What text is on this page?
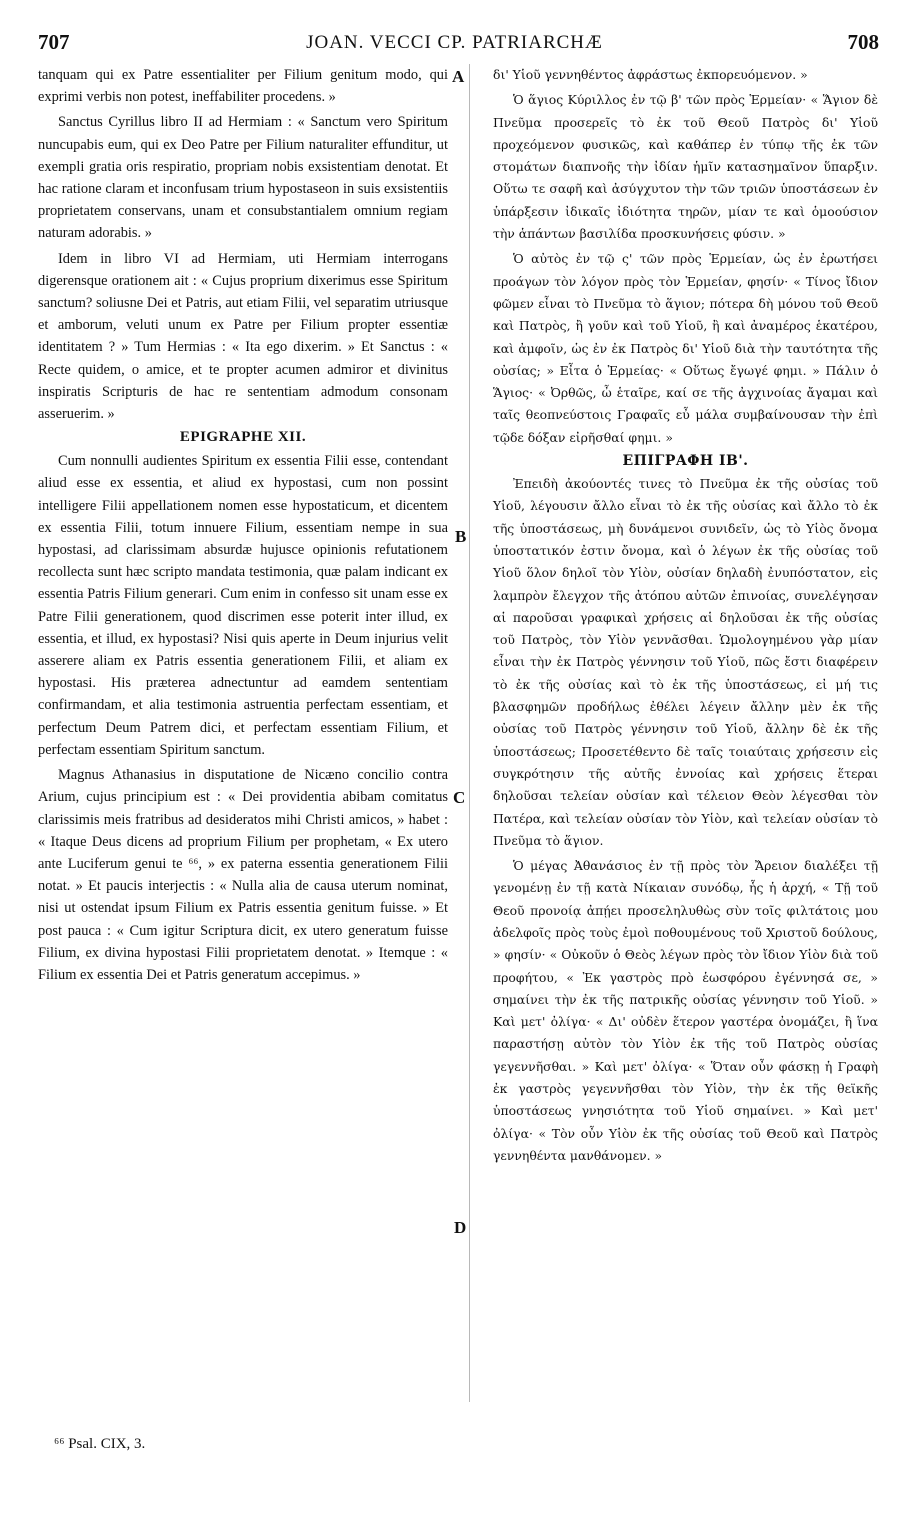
707	JOAN. VECCI CP. PATRIARCHÆ	708
A
B
C
D

tanquam qui ex Patre essentialiter per Filium genitum modo, qui exprimi verbis non potest, ineffabiliter procedens. »

Sanctus Cyrillus libro II ad Hermiam : « Sanctum vero Spiritum nuncupabis eum, qui ex Deo Patre per Filium naturaliter effunditur, ut exempli gratia oris respiratio, propriam nobis exsistentiam denotat. Et hac ratione claram et inconfusam trium hypostaseon in suis exsistentiis proprietatem conservans, unam et consubstantialem omnium regiam naturam adorabis. »

Idem in libro VI ad Hermiam, uti Hermiam interrogans digerensque orationem ait : « Cujus proprium dixerimus esse Spiritum sanctum? soliusne Dei et Patris, aut etiam Filii, vel separatim utriusque et amborum, veluti unum ex Patre per Filium propter essentiæ identitatem ? » Tum Hermias : « Ita ego dixerim. » Et Sanctus : « Recte quidem, o amice, et te propter acumen admiror et divinitus inspiratis Scripturis de hac re sententiam admodum consonam asseruerim. »

EPIGRAPHE XII.

Cum nonnulli audientes Spiritum ex essentia Filii esse, contendant aliud esse ex essentia, et aliud ex hypostasi, cum non possint intelligere Filii appellationem nomen esse hypostaticum, et dicentem ex essentia Filii, totum innuere Filium, essentiam nempe in sua hypostasi, ad clarissimam absurdæ hujusce opinionis refutationem recollecta sunt hæc scripto mandata testimonia, quæ palam indicant ex essentia Patris Filium generari. Cum enim in confesso sit unam esse ex Patre Filii generationem, quod discrimen esse poterit inter illud, ex essentia, et illud, ex hypostasi? Nisi quis aperte in Deum injurius velit asserere aliam ex Patris essentia generationem Filii, et aliam ex hypostasi. His præterea adnectuntur ad eamdem sententiam confirmandam, et alia testimonia astruentia perfectam essentiam, et perfectum Deum Patrem dici, et perfectam essentiam Filium, et perfectam essentiam Spiritum sanctum.

Magnus Athanasius in disputatione de Nicæno concilio contra Arium, cujus principium est : « Dei providentia abibam comitatus clarissimis meis fratribus ad desideratos mihi Christi amicos, » habet : « Itaque Deus dicens ad proprium Filium per prophetam, « Ex utero ante Luciferum genui te ⁶⁶, » ex paterna essentia generationem Filii notat. » Et paucis interjectis : « Nulla alia de causa uterum nominat, nisi ut ostendat ipsum Filium ex Patris essentia genitum fuisse. » Et post pauca : « Cum igitur Scriptura dicit, ex utero generatum fuisse Filium, ex divina hypostasi Filii proprietatem denotat. » Itemque : « Filium ex essentia Dei et Patris generatum accepimus. »

δι' Υἱοῦ γεννηθέντος ἀφράστως ἐκπορευόμενον. »

Ὁ ἅγιος Κύριλλος ἐν τῷ β' τῶν πρὸς Ἑρμείαν· « Ἅγιον δὲ Πνεῦμα προσερεῖς τὸ ἐκ τοῦ Θεοῦ Πατρὸς δι' Υἱοῦ προχεόμενον φυσικῶς, καὶ καθάπερ ἐν τύπῳ τῆς ἐκ τῶν στομάτων διαπνοῆς τὴν ἰδίαν ἡμῖν κατασημαῖνον ὕπαρξιν. Οὕτω τε σαφῆ καὶ ἀσύγχυτον τὴν τῶν τριῶν ὑποστάσεων ἐν ὑπάρξεσιν ἰδικαῖς ἰδιότητα τηρῶν, μίαν τε καὶ ὁμοούσιον τὴν ἁπάντων βασιλίδα προσκυνήσεις φύσιν. »

Ὁ αὐτὸς ἐν τῷ ς' τῶν πρὸς Ἑρμείαν, ὡς ἐν ἐρωτήσει προάγων τὸν λόγον πρὸς τὸν Ἑρμείαν, φησίν· « Τίνος ἴδιον φῶμεν εἶναι τὸ Πνεῦμα τὸ ἅγιον; πότερα δὴ μόνου τοῦ Θεοῦ καὶ Πατρὸς, ἢ γοῦν καὶ τοῦ Υἱοῦ, ἢ καὶ ἀναμέρος ἑκατέρου, καὶ ἀμφοῖν, ὡς ἐν ἐκ Πατρὸς δι' Υἱοῦ διὰ τὴν ταυτότητα τῆς οὐσίας; » Εἶτα ὁ Ἑρμείας· « Οὕτως ἔγωγέ φημι. » Πάλιν ὁ Ἅγιος· « Ὀρθῶς, ὦ ἑταῖρε, καί σε τῆς ἀγχινοίας ἄγαμαι καὶ ταῖς θεοπνεύστοις Γραφαῖς εὖ μάλα συμβαίνουσαν τὴν ἐπὶ τῷδε δόξαν εἰρῆσθαί φημι. »

ΕΠΙΓΡΑΦΗ ΙΒ'.

Ἐπειδὴ ἀκούοντές τινες τὸ Πνεῦμα ἐκ τῆς οὐσίας τοῦ Υἱοῦ, λέγουσιν ἄλλο εἶναι τὸ ἐκ τῆς οὐσίας καὶ ἄλλο τὸ ἐκ τῆς ὑποστάσεως, μὴ δυνάμενοι συνιδεῖν, ὡς τὸ Υἱὸς ὄνομα ὑποστατικόν ἐστιν ὄνομα, καὶ ὁ λέγων ἐκ τῆς οὐσίας τοῦ Υἱοῦ ὅλον δηλοῖ τὸν Υἱὸν, οὐσίαν δηλαδὴ ἐνυπόστατον, εἰς λαμπρὸν ἔλεγχον τῆς ἀτόπου αὐτῶν ἐπινοίας, συνελέγησαν αἱ παροῦσαι γραφικαὶ χρήσεις αἱ δηλοῦσαι ἐκ τῆς οὐσίας τοῦ Πατρὸς, τὸν Υἱὸν γεννᾶσθαι. Ὡμολογημένου γὰρ μίαν εἶναι τὴν ἐκ Πατρὸς γέννησιν τοῦ Υἱοῦ, πῶς ἔστι διαφέρειν τὸ ἐκ τῆς οὐσίας καὶ τὸ ἐκ τῆς ὑποστάσεως, εἰ μή τις βλασφημῶν προδήλως ἐθέλει λέγειν ἄλλην μὲν ἐκ τῆς οὐσίας τοῦ Πατρὸς γέννησιν τοῦ Υἱοῦ, ἄλλην δὲ ἐκ τῆς ὑποστάσεως; Προσετέθεντο δὲ ταῖς τοιαύταις χρήσεσιν εἰς συγκρότησιν τῆς αὐτῆς ἐννοίας καὶ χρήσεις ἕτεραι δηλοῦσαι τελείαν οὐσίαν καὶ τέλειον Θεὸν λέγεσθαι τὸν Πατέρα, καὶ τελείαν οὐσίαν τὸν Υἱὸν, καὶ τελείαν οὐσίαν τὸ Πνεῦμα τὸ ἅγιον.

Ὁ μέγας Ἀθανάσιος ἐν τῇ πρὸς τὸν Ἄρειον διαλέξει τῇ γενομένῃ ἐν τῇ κατὰ Νίκαιαν συνόδῳ, ἧς ἡ ἀρχή, « Τῇ τοῦ Θεοῦ προνοίᾳ ἀπῄει προσεληλυθὼς σὺν τοῖς φιλτάτοις μου ἀδελφοῖς πρὸς τοὺς ἐμοὶ ποθουμένους τοῦ Χριστοῦ δούλους, » φησίν· « Οὐκοῦν ὁ Θεὸς λέγων πρὸς τὸν ἴδιον Υἱὸν διὰ τοῦ προφήτου, « Ἐκ γαστρὸς πρὸ ἑωσφόρου ἐγέννησά σε, » σημαίνει τὴν ἐκ τῆς πατρικῆς οὐσίας γέννησιν τοῦ Υἱοῦ. » Καὶ μετ' ὀλίγα· « Δι' οὐδὲν ἕτερον γαστέρα ὀνομάζει, ἢ ἵνα παραστήσῃ αὐτὸν τὸν Υἱὸν ἐκ τῆς τοῦ Πατρὸς οὐσίας γεγεννῆσθαι. » Καὶ μετ' ὀλίγα· « Ὅταν οὖν φάσκῃ ἡ Γραφὴ ἐκ γαστρὸς γεγεννῆσθαι τὸν Υἱὸν, τὴν ἐκ τῆς θεϊκῆς ὑποστάσεως γνησιότητα τοῦ Υἱοῦ σημαίνει. » Καὶ μετ' ὀλίγα· « Τὸν οὖν Υἱὸν ἐκ τῆς οὐσίας τοῦ Θεοῦ καὶ Πατρὸς γεννηθέντα μανθάνομεν. »

⁶⁶ Psal. CIX, 3.
